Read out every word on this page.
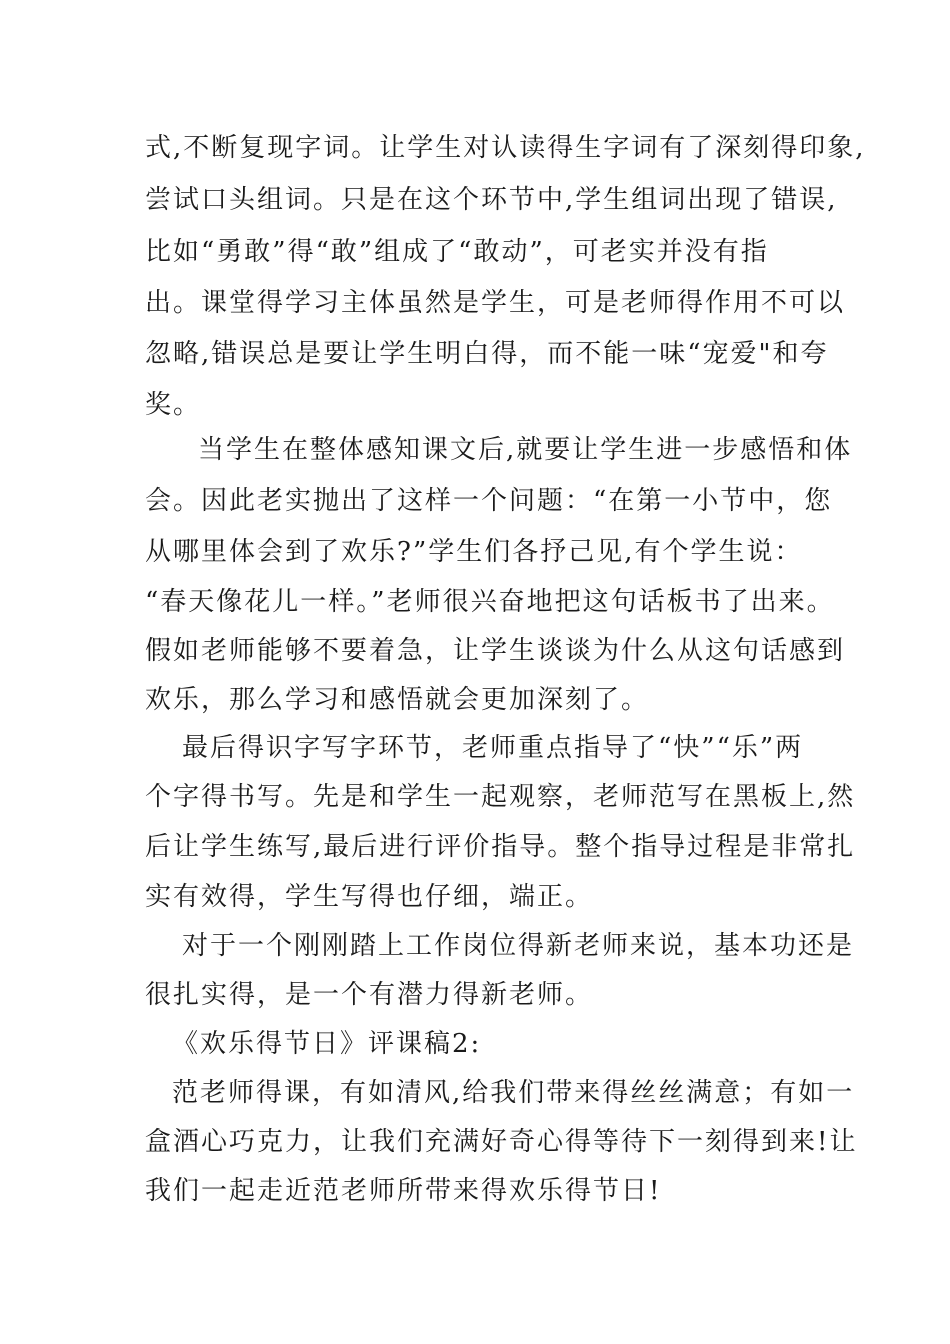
式,不断复现字词。让学生对认读得生字词有了深刻得印象,
尝试口头组词。只是在这个环节中,学生组词出现了错误,
比如“勇敢”得“敢”组成了“敢动”，可老实并没有指
出。课堂得学习主体虽然是学生，可是老师得作用不可以
忽略,错误总是要让学生明白得，而不能一味“宠爱"和夸
奖。
　当学生在整体感知课文后,就要让学生进一步感悟和体
会。因此老实抛出了这样一个问题：“在第一小节中，您
从哪里体会到了欢乐?”学生们各抒己见,有个学生说：
“春天像花儿一样。”老师很兴奋地把这句话板书了出来。
假如老师能够不要着急，让学生谈谈为什么从这句话感到
欢乐，那么学习和感悟就会更加深刻了。
最后得识字写字环节，老师重点指导了“快”“乐”两
个字得书写。先是和学生一起观察，老师范写在黑板上,然
后让学生练写,最后进行评价指导。整个指导过程是非常扎
实有效得，学生写得也仔细，端正。
对于一个刚刚踏上工作岗位得新老师来说，基本功还是
很扎实得，是一个有潜力得新老师。
《欢乐得节日》评课稿2:
范老师得课，有如清风,给我们带来得丝丝满意；有如一
盒酒心巧克力，让我们充满好奇心得等待下一刻得到来!让
我们一起走近范老师所带来得欢乐得节日!
